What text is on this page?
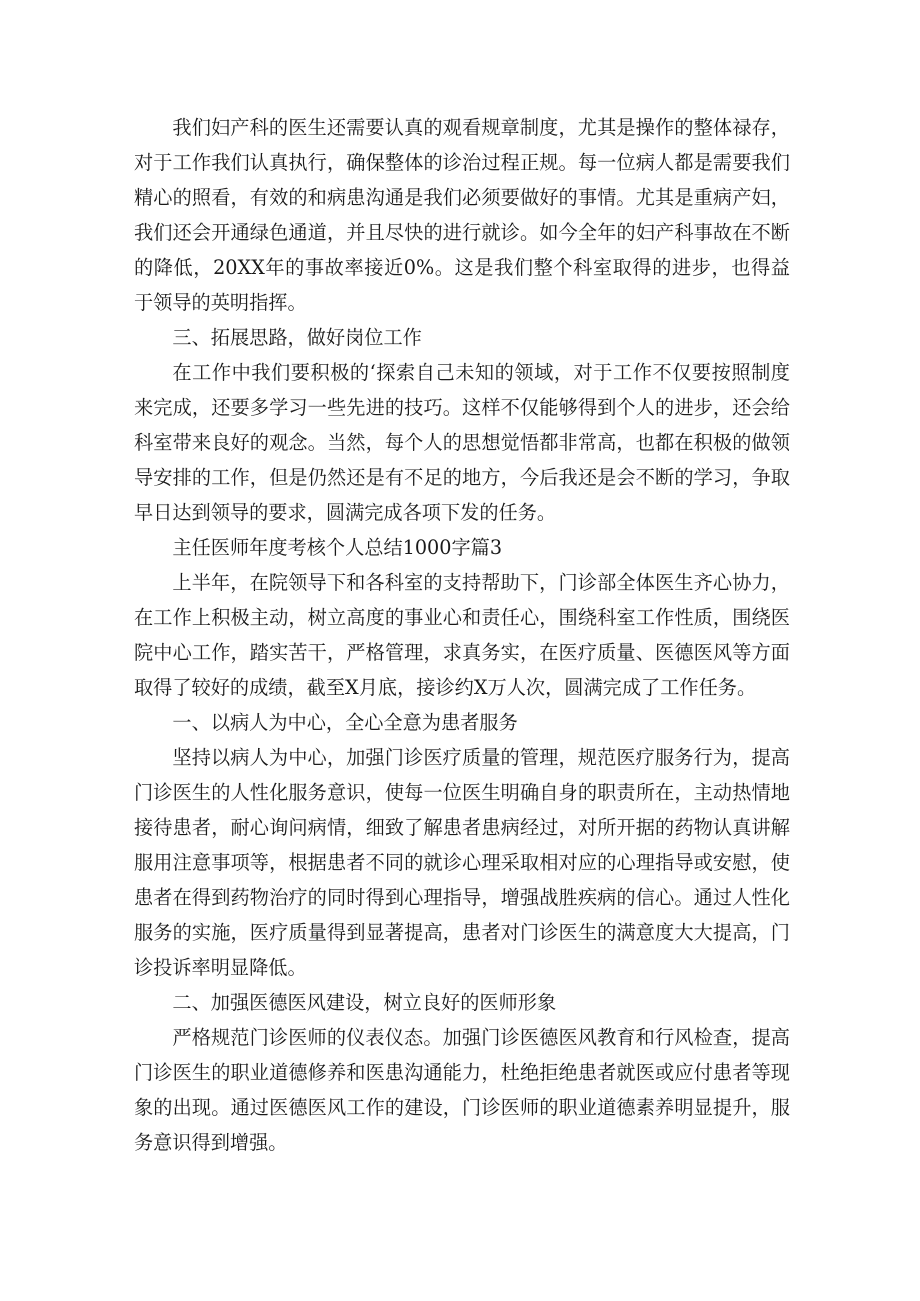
我们妇产科的医生还需要认真的观看规章制度，尤其是操作的整体禄存，对于工作我们认真执行，确保整体的诊治过程正规。每一位病人都是需要我们精心的照看，有效的和病患沟通是我们必须要做好的事情。尤其是重病产妇，我们还会开通绿色通道，并且尽快的进行就诊。如今全年的妇产科事故在不断的降低，20XX年的事故率接近0%。这是我们整个科室取得的进步，也得益于领导的英明指挥。

三、拓展思路，做好岗位工作

在工作中我们要积极的‘探索自己未知的领域，对于工作不仅要按照制度来完成，还要多学习一些先进的技巧。这样不仅能够得到个人的进步，还会给科室带来良好的观念。当然，每个人的思想觉悟都非常高，也都在积极的做领导安排的工作，但是仍然还是有不足的地方，今后我还是会不断的学习，争取早日达到领导的要求，圆满完成各项下发的任务。

主任医师年度考核个人总结1000字篇3

上半年，在院领导下和各科室的支持帮助下，门诊部全体医生齐心协力，在工作上积极主动，树立高度的事业心和责任心，围绕科室工作性质，围绕医院中心工作，踏实苦干，严格管理，求真务实，在医疗质量、医德医风等方面取得了较好的成绩，截至X月底，接诊约X万人次，圆满完成了工作任务。

一、以病人为中心，全心全意为患者服务

坚持以病人为中心，加强门诊医疗质量的管理，规范医疗服务行为，提高门诊医生的人性化服务意识，使每一位医生明确自身的职责所在，主动热情地接待患者，耐心询问病情，细致了解患者患病经过，对所开据的药物认真讲解服用注意事项等，根据患者不同的就诊心理采取相对应的心理指导或安慰，使患者在得到药物治疗的同时得到心理指导，增强战胜疾病的信心。通过人性化服务的实施，医疗质量得到显著提高，患者对门诊医生的满意度大大提高，门诊投诉率明显降低。

二、加强医德医风建设，树立良好的医师形象

严格规范门诊医师的仪表仪态。加强门诊医德医风教育和行风检查，提高门诊医生的职业道德修养和医患沟通能力，杜绝拒绝患者就医或应付患者等现象的出现。通过医德医风工作的建设，门诊医师的职业道德素养明显提升，服务意识得到增强。
